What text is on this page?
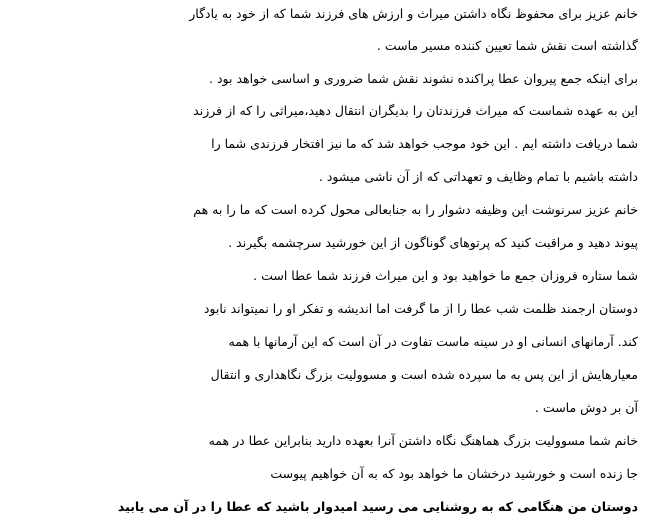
خانم عزیز برای محفوظ نگاه داشتن میراث و ارزش های فرزند شما که از خود به یادگار
گذاشته است نقش شما تعیین کننده مسیر ماست .
برای اینکه جمع پیروان عطا پراکنده نشوند نقش شما ضروری و اساسی خواهد بود .
این به عهده شماست که میراث فرزندتان را بدیگران انتقال دهید،میراثی را که از فرزند
شما دریافت داشته ایم . این خود موجب خواهد شد که ما نیز افتخار فرزندی شما را
داشته باشیم با تمام وظایف و تعهداتی که از آن ناشی میشود .
خانم عزیز سرنوشت این وظیفه دشوار را به جنابعالی محول کرده است که ما را به هم
پیوند دهید و مراقبت کنید که پرتوهای گوناگون از این خورشید سرچشمه بگیرند .
شما ستاره فروزان جمع ما خواهید بود و این میراث فرزند شما عطا است .
دوستان ارجمند ظلمت شب عطا را از ما گرفت اما اندیشه و تفکر او را نمیتواند نابود
کند. آرمانهای انسانی او در سینه ماست تفاوت در آن است که این آرمانها با همه
معیارهایش از این پس به ما سپرده شده است و مسوولیت بزرگ نگاهداری و انتقال
آن بر دوش ماست .
خانم شما مسوولیت بزرگ هماهنگ نگاه داشتن آنرا بعهده دارید بنابراین عطا در همه
جا زنده است و خورشید درخشان ما خواهد بود که به آن خواهیم پیوست
دوستان من هنگامی که به روشنایی می رسید امیدوار باشید که عطا را در آن می یابید
